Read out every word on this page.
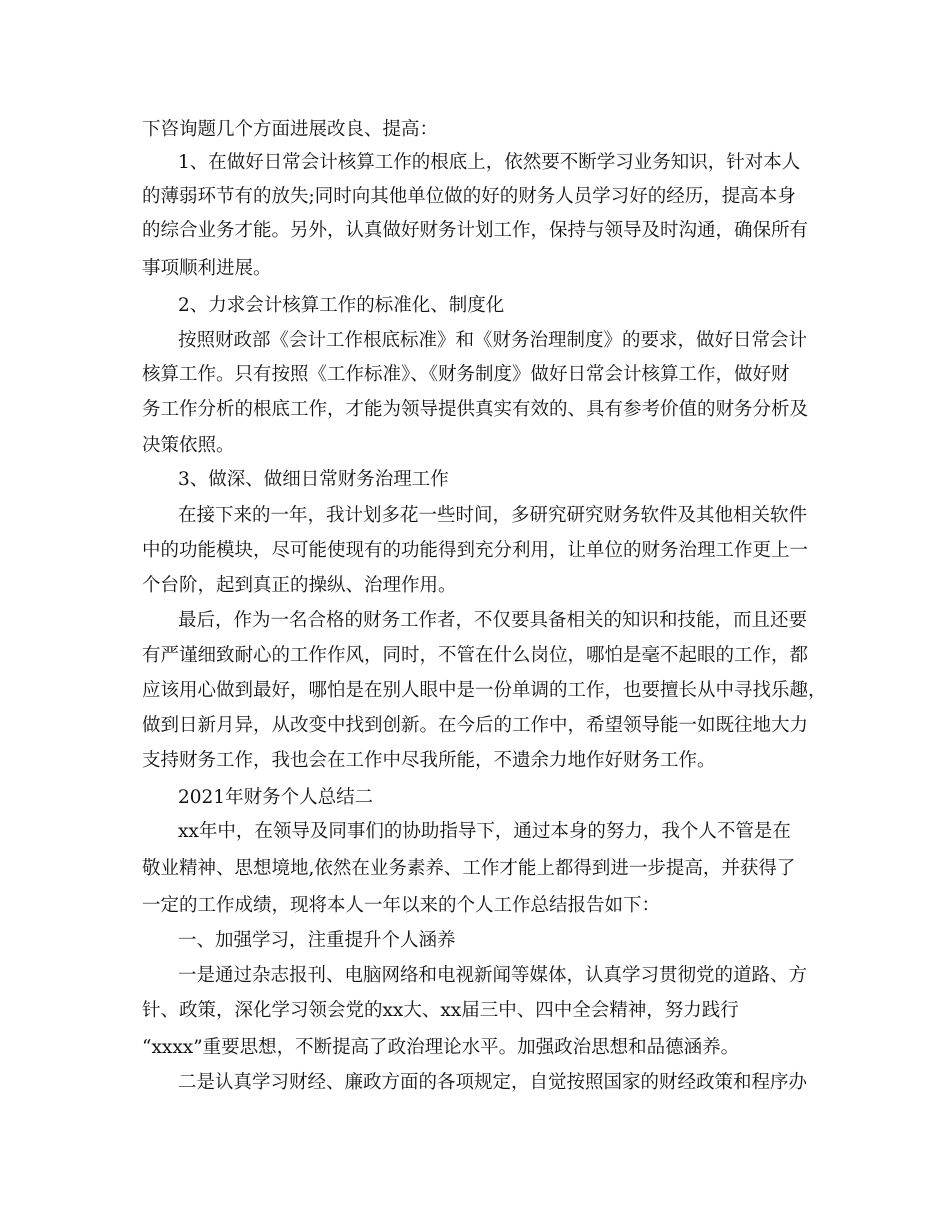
下咨询题几个方面进展改良、提高：
1、在做好日常会计核算工作的根底上，依然要不断学习业务知识，针对本人
的薄弱环节有的放失;同时向其他单位做的好的财务人员学习好的经历，提高本身
的综合业务才能。另外，认真做好财务计划工作，保持与领导及时沟通，确保所有
事项顺利进展。
2、力求会计核算工作的标准化、制度化
按照财政部《会计工作根底标准》和《财务治理制度》的要求，做好日常会计
核算工作。只有按照《工作标准》、《财务制度》做好日常会计核算工作，做好财
务工作分析的根底工作，才能为领导提供真实有效的、具有参考价值的财务分析及
决策依照。
3、做深、做细日常财务治理工作
在接下来的一年，我计划多花一些时间，多研究研究财务软件及其他相关软件
中的功能模块，尽可能使现有的功能得到充分利用，让单位的财务治理工作更上一
个台阶，起到真正的操纵、治理作用。
最后，作为一名合格的财务工作者，不仅要具备相关的知识和技能，而且还要
有严谨细致耐心的工作作风，同时，不管在什么岗位，哪怕是毫不起眼的工作，都
应该用心做到最好，哪怕是在别人眼中是一份单调的工作，也要擅长从中寻找乐趣，
做到日新月异，从改变中找到创新。在今后的工作中，希望领导能一如既往地大力
支持财务工作，我也会在工作中尽我所能，不遗余力地作好财务工作。
2021年财务个人总结二
xx年中，在领导及同事们的协助指导下，通过本身的努力，我个人不管是在
敬业精神、思想境地,依然在业务素养、工作才能上都得到进一步提高，并获得了
一定的工作成绩，现将本人一年以来的个人工作总结报告如下：
一、加强学习，注重提升个人涵养
一是通过杂志报刊、电脑网络和电视新闻等媒体，认真学习贯彻党的道路、方
针、政策，深化学习领会党的xx大、xx届三中、四中全会精神，努力践行
“xxxx”重要思想，不断提高了政治理论水平。加强政治思想和品德涵养。
二是认真学习财经、廉政方面的各项规定，自觉按照国家的财经政策和程序办
